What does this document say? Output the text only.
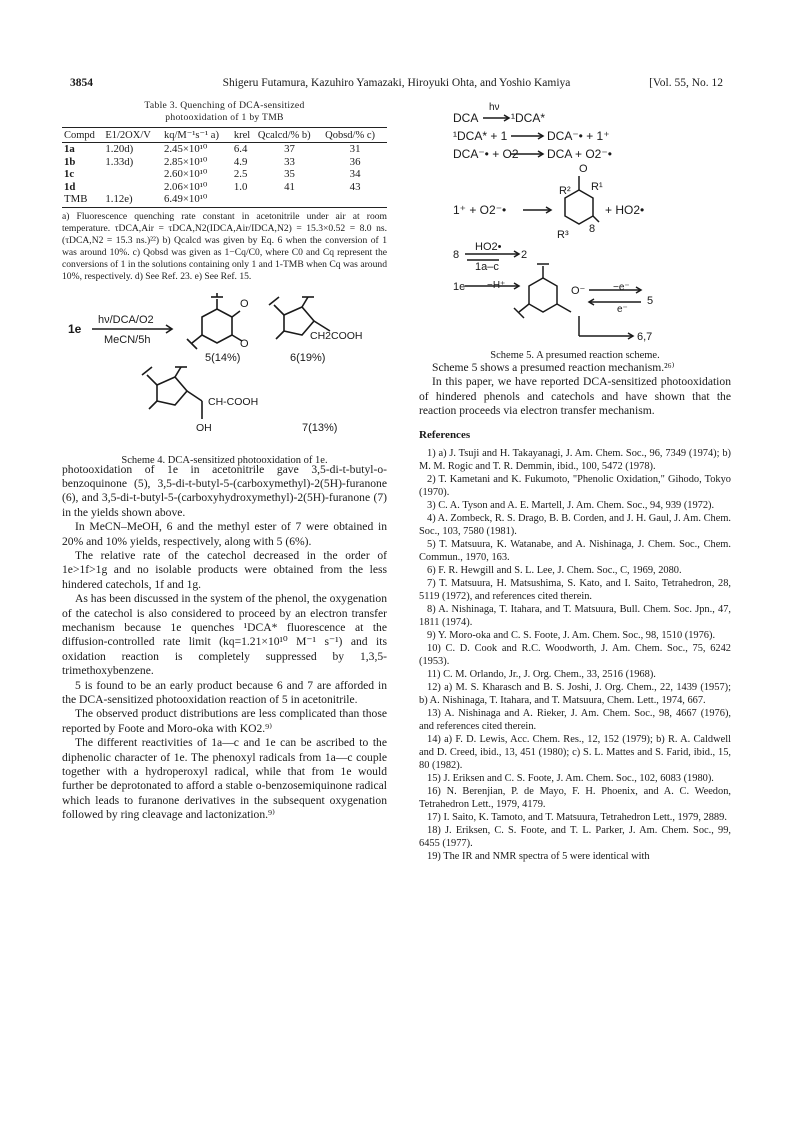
3854	Shigeru Futamura, Kazuhiro Yamazaki, Hiroyuki Ohta, and Yoshio Kamiya	[Vol. 55, No. 12
Table 3. Quenching of DCA-sensitized
photooxidation of 1 by TMB
Compd	E1/2OX/V	kq/M⁻¹s⁻¹ a)	krel	Qcalcd/% b)	Qobsd/% c)
1a	1.20d)	2.45×10¹⁰	6.4	37	31
1b	1.33d)	2.85×10¹⁰	4.9	33	36
1c		2.60×10¹⁰	2.5	35	34
1d		2.06×10¹⁰	1.0	41	43
TMB	1.12e)	6.49×10¹⁰			
a) Fluorescence quenching rate constant in acetonitrile under air at room temperature. τDCA,Air = τDCA,N2(IDCA,Air/IDCA,N2) = 15.3×0.52 = 8.0 ns. (τDCA,N2 = 15.3 ns.)²²) b) Qcalcd was given by Eq. 6 when the conversion of 1 was around 10%. c) Qobsd was given as 1−Cq/C0, where C0 and Cq represent the conversions of 1 in the solutions containing only 1 and 1-TMB when Cq was around 10%, respectively. d) See Ref. 23. e) See Ref. 15.
1e
hν/DCA/O2
MeCN/5h
O
O
CH2COOH
5(14%)	6(19%)
CH-COOH
OH	7(13%)
Scheme 4. DCA-sensitized photooxidation of 1e.

photooxidation of 1e in acetonitrile gave 3,5-di-t-butyl-o-benzoquinone (5), 3,5-di-t-butyl-5-(carboxymethyl)-2(5H)-furanone (6), and 3,5-di-t-butyl-5-(carboxyhydroxymethyl)-2(5H)-furanone (7) in the yields shown above.

In MeCN–MeOH, 6 and the methyl ester of 7 were obtained in 20% and 10% yields, respectively, along with 5 (6%).

The relative rate of the catechol decreased in the order of 1e>1f>1g and no isolable products were obtained from the less hindered catechols, 1f and 1g.

As has been discussed in the system of the phenol, the oxygenation of the catechol is also considered to proceed by an electron transfer mechanism because 1e quenches ¹DCA* fluorescence at the diffusion-controlled rate limit (kq=1.21×10¹⁰ M⁻¹ s⁻¹) and its oxidation reaction is completely suppressed by 1,3,5-trimethoxybenzene.

5 is found to be an early product because 6 and 7 are afforded in the DCA-sensitized photooxidation reaction of 5 in acetonitrile.

The observed product distributions are less complicated than those reported by Foote and Moro-oka with KO2.⁹⁾

The different reactivities of 1a—c and 1e can be ascribed to the diphenolic character of 1e. The phenoxyl radicals from 1a—c couple together with a hydroperoxyl radical, while that from 1e would further be deprotonated to afford a stable o-benzosemiquinone radical which leads to furanone derivatives in the subsequent oxygenation followed by ring cleavage and lactonization.⁹⁾

DCA
hν
¹DCA*
¹DCA* + 1	DCA⁻• + 1⁺
DCA⁻• + O2 DCA + O2⁻•
1⁺ + O2⁻•	+ HO2•
R² R¹
R³
O
8
8
HO2•
2
1a–c
1e −H⁺	O⁻	−e⁻
e⁻
5
6,7
Scheme 5. A presumed reaction scheme.

Scheme 5 shows a presumed reaction mechanism.²⁶⁾

In this paper, we have reported DCA-sensitized photooxidation of hindered phenols and catechols and have shown that the reaction proceeds via electron transfer mechanism.

References
1) a) J. Tsuji and H. Takayanagi, J. Am. Chem. Soc., 96, 7349 (1974); b) M. M. Rogic and T. R. Demmin, ibid., 100, 5472 (1978).
2) T. Kametani and K. Fukumoto, "Phenolic Oxidation," Gihodo, Tokyo (1970).
3) C. A. Tyson and A. E. Martell, J. Am. Chem. Soc., 94, 939 (1972).
4) A. Zombeck, R. S. Drago, B. B. Corden, and J. H. Gaul, J. Am. Chem. Soc., 103, 7580 (1981).
5) T. Matsuura, K. Watanabe, and A. Nishinaga, J. Chem. Soc., Chem. Commun., 1970, 163.
6) F. R. Hewgill and S. L. Lee, J. Chem. Soc., C, 1969, 2080.
7) T. Matsuura, H. Matsushima, S. Kato, and I. Saito, Tetrahedron, 28, 5119 (1972), and references cited therein.
8) A. Nishinaga, T. Itahara, and T. Matsuura, Bull. Chem. Soc. Jpn., 47, 1811 (1974).
9) Y. Moro-oka and C. S. Foote, J. Am. Chem. Soc., 98, 1510 (1976).
10) C. D. Cook and R.C. Woodworth, J. Am. Chem. Soc., 75, 6242 (1953).
11) C. M. Orlando, Jr., J. Org. Chem., 33, 2516 (1968).
12) a) M. S. Kharasch and B. S. Joshi, J. Org. Chem., 22, 1439 (1957); b) A. Nishinaga, T. Itahara, and T. Matsuura, Chem. Lett., 1974, 667.
13) A. Nishinaga and A. Rieker, J. Am. Chem. Soc., 98, 4667 (1976), and references cited therein.
14) a) F. D. Lewis, Acc. Chem. Res., 12, 152 (1979); b) R. A. Caldwell and D. Creed, ibid., 13, 451 (1980); c) S. L. Mattes and S. Farid, ibid., 15, 80 (1982).
15) J. Eriksen and C. S. Foote, J. Am. Chem. Soc., 102, 6083 (1980).
16) N. Berenjian, P. de Mayo, F. H. Phoenix, and A. C. Weedon, Tetrahedron Lett., 1979, 4179.
17) I. Saito, K. Tamoto, and T. Matsuura, Tetrahedron Lett., 1979, 2889.
18) J. Eriksen, C. S. Foote, and T. L. Parker, J. Am. Chem. Soc., 99, 6455 (1977).
19) The IR and NMR spectra of 5 were identical with
